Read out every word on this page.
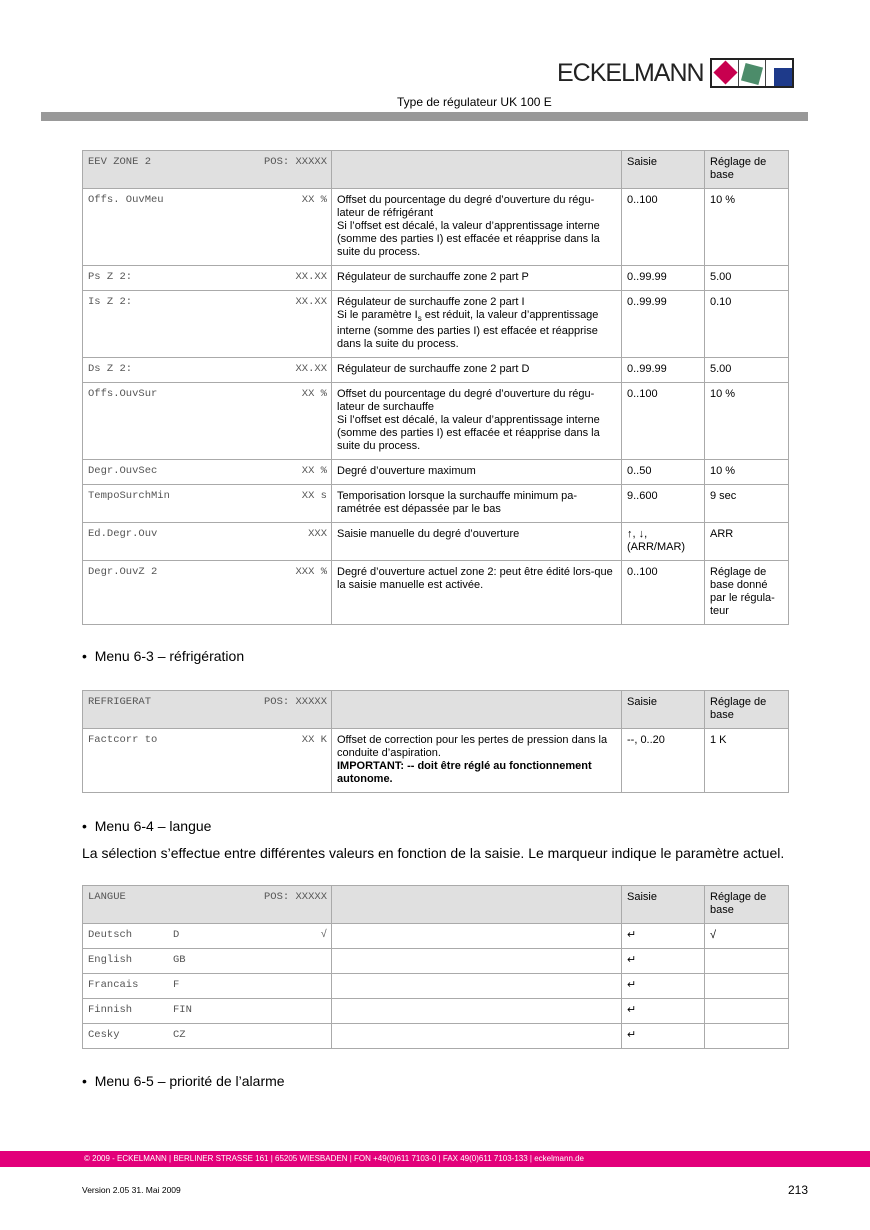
ECKELMANN
Type de régulateur UK 100 E
EEV ZONE 2 POS: XXXXX		Saisie	Réglage de base

Offs. OuvMeu XX %	Offset du pourcentage du degré d’ouverture du régu-lateur de réfrigérant
Si l’offset est décalé, la valeur d’apprentissage interne (somme des parties I) est effacée et réapprise dans la suite du process.	0..100	10 %

Ps Z 2: XX.XX	Régulateur de surchauffe zone 2 part P	0..99.99	5.00

Is Z 2: XX.XX	Régulateur de surchauffe zone 2 part I
Si le paramètre $I_s$ est réduit, la valeur d’apprentissage interne (somme des parties I) est effacée et réapprise dans la suite du process.	0..99.99	0.10

Ds Z 2: XX.XX	Régulateur de surchauffe zone 2 part D	0..99.99	5.00

Offs.OuvSur XX %	Offset du pourcentage du degré d’ouverture du régu-lateur de surchauffe
Si l’offset est décalé, la valeur d’apprentissage interne (somme des parties I) est effacée et réapprise dans la suite du process.	0..100	10 %

Degr.OuvSec XX %	Degré d’ouverture maximum	0..50	10 %

TempoSurchMin XX s	Temporisation lorsque la surchauffe minimum pa-ramétrée est dépassée par le bas	9..600	9 sec

Ed.Degr.Ouv XXX	Saisie manuelle du degré d’ouverture	↑, ↓, (ARR/MAR)	ARR

Degr.OuvZ 2 XXX %	Degré d’ouverture actuel zone 2: peut être édité lors-que la saisie manuelle est activée.	0..100	Réglage de base donné par le régula-teur
•  Menu 6-3 – réfrigération
REFRIGERAT POS: XXXXX		Saisie	Réglage de base

Factcorr to XX K	Offset de correction pour les pertes de pression dans la conduite d’aspiration.
IMPORTANT: -- doit être réglé au fonctionnement autonome.	--, 0..20	1 K
•  Menu 6-4 – langue
La sélection s’effectue entre différentes valeurs en fonction de la saisie. Le marqueur indique le paramètre actuel.
LANGUE POS: XXXXX		Saisie	Réglage de base

Deutsch D √		↵	√

English GB		↵	

Francais F		↵	

Finnish FIN		↵	

Cesky CZ		↵	
•  Menu 6-5 – priorité de l’alarme
© 2009 - ECKELMANN | BERLINER STRASSE 161 | 65205 WIESBADEN | FON +49(0)611 7103-0 | FAX 49(0)611 7103-133 | eckelmann.de
Version 2.05 31. Mai 2009	213
